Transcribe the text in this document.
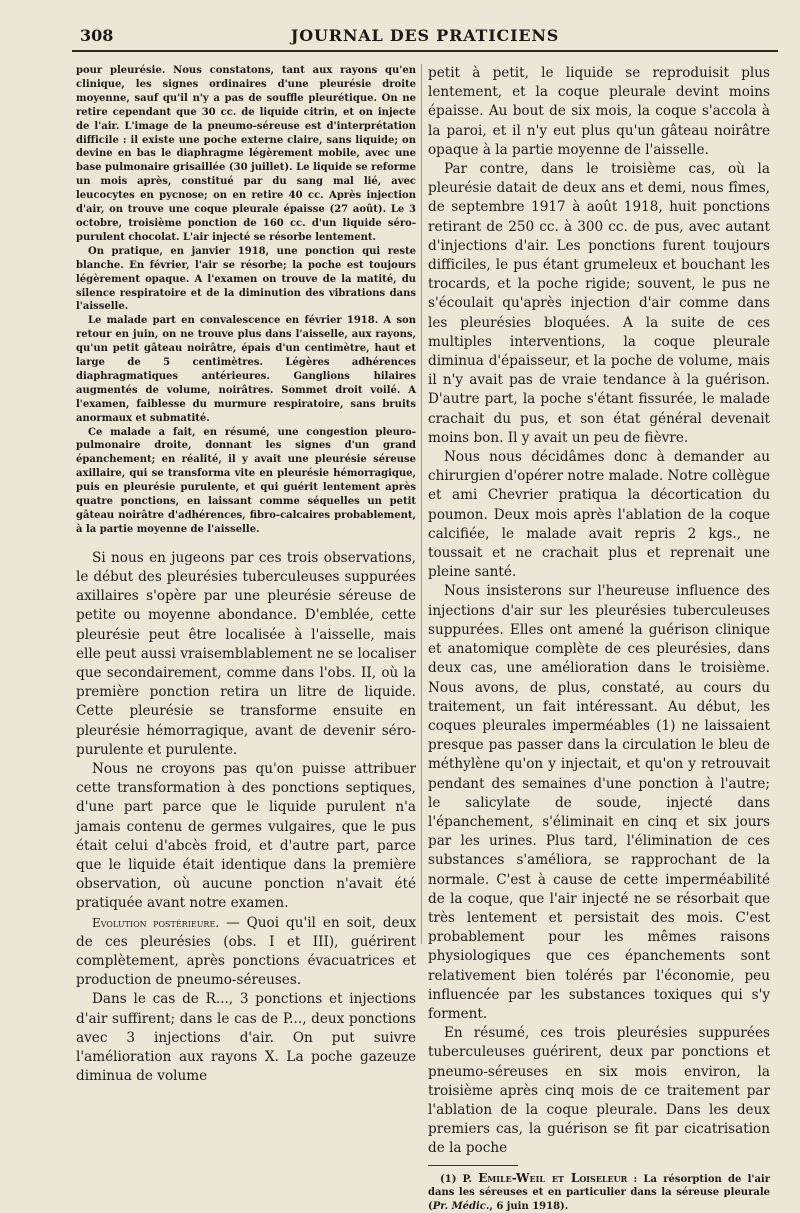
308	JOURNAL DES PRATICIENS

pour pleurésie. Nous constatons, tant aux rayons qu'en clinique, les signes ordinaires d'une pleurésie droite moyenne, sauf qu'il n'y a pas de souffle pleurétique. On ne retire cependant que 30 cc. de liquide citrin, et on injecte de l'air. L'image de la pneumo-séreuse est d'interprétation difficile : il existe une poche externe claire, sans liquide; on devine en bas le diaphragme légèrement mobile, avec une base pulmonaire grisaillée (30 juillet). Le liquide se reforme un mois après, constitué par du sang mal lié, avec leucocytes en pycnose; on en retire 40 cc. Après injection d'air, on trouve une coque pleurale épaisse (27 août). Le 3 octobre, troisième ponction de 160 cc. d'un liquide séro-purulent chocolat. L'air injecté se résorbe lentement.

On pratique, en janvier 1918, une ponction qui reste blanche. En février, l'air se résorbe; la poche est toujours légèrement opaque. A l'examen on trouve de la matité, du silence respiratoire et de la diminution des vibrations dans l'aisselle.

Le malade part en convalescence en février 1918. A son retour en juin, on ne trouve plus dans l'aisselle, aux rayons, qu'un petit gâteau noirâtre, épais d'un centimètre, haut et large de 5 centimètres. Légères adhérences diaphragmatiques antérieures. Ganglions hilaires augmentés de volume, noirâtres. Sommet droit voilé. A l'examen, faiblesse du murmure respiratoire, sans bruits anormaux et submatité.

Ce malade a fait, en résumé, une congestion pleuro-pulmonaire droite, donnant les signes d'un grand épanchement; en réalité, il y avait une pleurésie séreuse axillaire, qui se transforma vite en pleurésie hémorragique, puis en pleurésie purulente, et qui guérit lentement après quatre ponctions, en laissant comme séquelles un petit gâteau noirâtre d'adhérences, fibro-calcaires probablement, à la partie moyenne de l'aisselle.

Si nous en jugeons par ces trois observations, le début des pleurésies tuberculeuses suppurées axillaires s'opère par une pleurésie séreuse de petite ou moyenne abondance. D'emblée, cette pleurésie peut être localisée à l'aisselle, mais elle peut aussi vraisemblablement ne se localiser que secondairement, comme dans l'obs. II, où la première ponction retira un litre de liquide. Cette pleurésie se transforme ensuite en pleurésie hémorragique, avant de devenir séro-purulente et purulente.

Nous ne croyons pas qu'on puisse attribuer cette transformation à des ponctions septiques, d'une part parce que le liquide purulent n'a jamais contenu de germes vulgaires, que le pus était celui d'abcès froid, et d'autre part, parce que le liquide était identique dans la première observation, où aucune ponction n'avait été pratiquée avant notre examen.

Evolution postérieure. — Quoi qu'il en soit, deux de ces pleurésies (obs. I et III), guérirent complètement, après ponctions évacuatrices et production de pneumo-séreuses.

Dans le cas de R..., 3 ponctions et injections d'air suffirent; dans le cas de P..., deux ponctions avec 3 injections d'air. On put suivre l'amélioration aux rayons X. La poche gazeuze diminua de volume

petit à petit, le liquide se reproduisit plus lentement, et la coque pleurale devint moins épaisse. Au bout de six mois, la coque s'accola à la paroi, et il n'y eut plus qu'un gâteau noirâtre opaque à la partie moyenne de l'aisselle.

Par contre, dans le troisième cas, où la pleurésie datait de deux ans et demi, nous fîmes, de septembre 1917 à août 1918, huit ponctions retirant de 250 cc. à 300 cc. de pus, avec autant d'injections d'air. Les ponctions furent toujours difficiles, le pus étant grumeleux et bouchant les trocards, et la poche rigide; souvent, le pus ne s'écoulait qu'après injection d'air comme dans les pleurésies bloquées. A la suite de ces multiples interventions, la coque pleurale diminua d'épaisseur, et la poche de volume, mais il n'y avait pas de vraie tendance à la guérison. D'autre part, la poche s'étant fissurée, le malade crachait du pus, et son état général devenait moins bon. Il y avait un peu de fièvre.

Nous nous décidâmes donc à demander au chirurgien d'opérer notre malade. Notre collègue et ami Chevrier pratiqua la décortication du poumon. Deux mois après l'ablation de la coque calcifiée, le malade avait repris 2 kgs., ne toussait et ne crachait plus et reprenait une pleine santé.

Nous insisterons sur l'heureuse influence des injections d'air sur les pleurésies tuberculeuses suppurées. Elles ont amené la guérison clinique et anatomique complète de ces pleurésies, dans deux cas, une amélioration dans le troisième. Nous avons, de plus, constaté, au cours du traitement, un fait intéressant. Au début, les coques pleurales imperméables (1) ne laissaient presque pas passer dans la circulation le bleu de méthylène qu'on y injectait, et qu'on y retrouvait pendant des semaines d'une ponction à l'autre; le salicylate de soude, injecté dans l'épanchement, s'éliminait en cinq et six jours par les urines. Plus tard, l'élimination de ces substances s'améliora, se rapprochant de la normale. C'est à cause de cette imperméabilité de la coque, que l'air injecté ne se résorbait que très lentement et persistait des mois. C'est probablement pour les mêmes raisons physiologiques que ces épanchements sont relativement bien tolérés par l'économie, peu influencée par les substances toxiques qui s'y forment.

En résumé, ces trois pleurésies suppurées tuberculeuses guérirent, deux par ponctions et pneumo-séreuses en six mois environ, la troisième après cinq mois de ce traitement par l'ablation de la coque pleurale. Dans les deux premiers cas, la guérison se fit par cicatrisation de la poche

(1) P. Emile-Weil et Loiseleur : La résorption de l'air dans les séreuses et en particulier dans la séreuse pleurale (Pr. Médic., 6 juin 1918).
